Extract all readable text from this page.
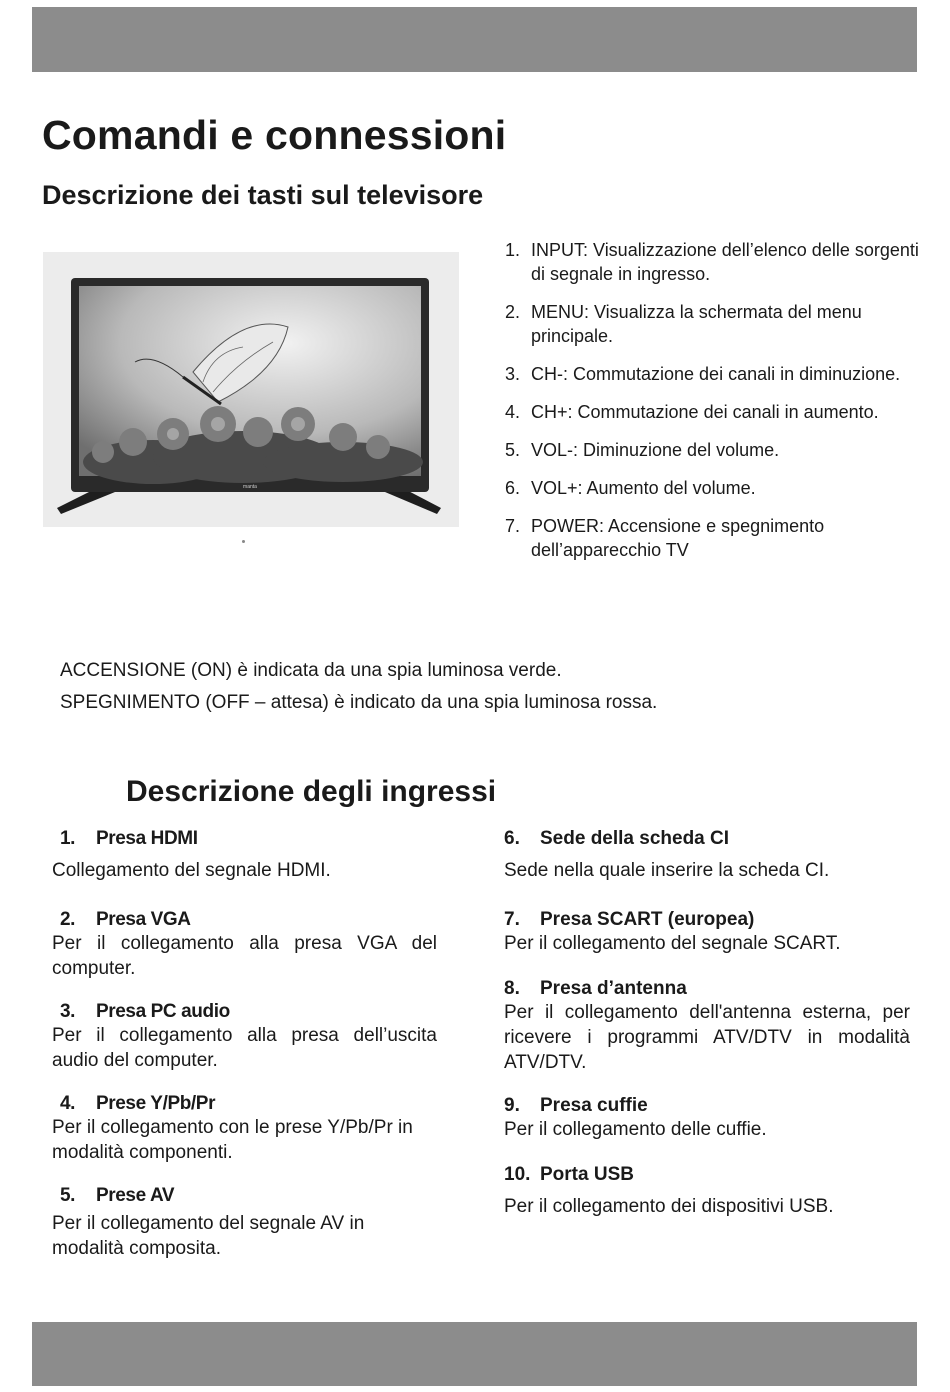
Comandi e connessioni
Descrizione dei tasti sul televisore
manta
1. INPUT: Visualizzazione dell’elenco delle sorgenti di segnale in ingresso.
2. MENU: Visualizza la schermata del menu principale.
3. CH-: Commutazione dei canali in diminuzione.
4. CH+: Commutazione dei canali in aumento.
5. VOL-: Diminuzione del volume.
6. VOL+: Aumento del volume.
7. POWER: Accensione e spegnimento dell’apparecchio TV
ACCENSIONE (ON) è indicata da una spia luminosa verde.
SPEGNIMENTO (OFF – attesa) è indicato da una spia luminosa rossa.
Descrizione degli ingressi
1. Presa HDMI
Collegamento del segnale HDMI.
2. Presa VGA
Per il collegamento alla presa VGA del computer.
3. Presa PC audio
Per il collegamento alla presa dell’uscita audio del computer.
4. Prese Y/Pb/Pr
Per il collegamento con le prese Y/Pb/Pr in modalità componenti.
5. Prese AV
Per il collegamento del segnale AV in modalità composita.
6. Sede della scheda CI
Sede nella quale inserire la scheda CI.
7. Presa SCART (europea)
Per il collegamento del segnale SCART.
8. Presa d’antenna
Per il collegamento dell'antenna esterna, per ricevere i programmi ATV/DTV in modalità ATV/DTV.
9. Presa cuffie
Per il collegamento delle cuffie.
10. Porta USB
Per il collegamento dei dispositivi USB.
